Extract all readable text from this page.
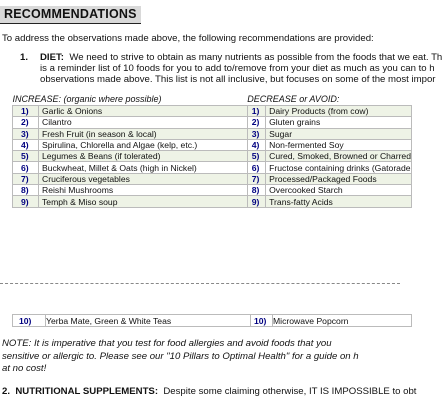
RECOMMENDATIONS
To address the observations made above, the following recommendations are provided:
1. DIET: We need to strive to obtain as many nutrients as possible from the foods that we eat. Th
is a reminder list of 10 foods for you to add to/remove from your diet as much as you can to h
observations made above. This list is not all inclusive, but focuses on some of the most impor
INCREASE: (organic where possible)		DECREASE or AVOID:	
1)	Garlic & Onions	1)	Dairy Products (from cow)
2)	Cilantro	2)	Gluten grains
3)	Fresh Fruit (in season & local)	3)	Sugar
4)	Spirulina, Chlorella and Algae (kelp, etc.)	4)	Non-fermented Soy
5)	Legumes & Beans (if tolerated)	5)	Cured, Smoked, Browned or Charred
6)	Buckwheat, Millet & Oats (high in Nickel)	6)	Fructose containing drinks (Gatorade
7)	Cruciferous vegetables	7)	Processed/Packaged Foods
8)	Reishi Mushrooms	8)	Overcooked Starch
9)	Temph & Miso soup	9)	Trans-fatty Acids
10)	Yerba Mate, Green & White Teas	10)	Microwave Popcorn
NOTE: It is imperative that you test for food allergies and avoid foods that you
sensitive or allergic to. Please see our "10 Pillars to Optimal Health" for a guide on h
at no cost!
2. NUTRITIONAL SUPPLEMENTS: Despite some claiming otherwise, IT IS IMPOSSIBLE to obt
